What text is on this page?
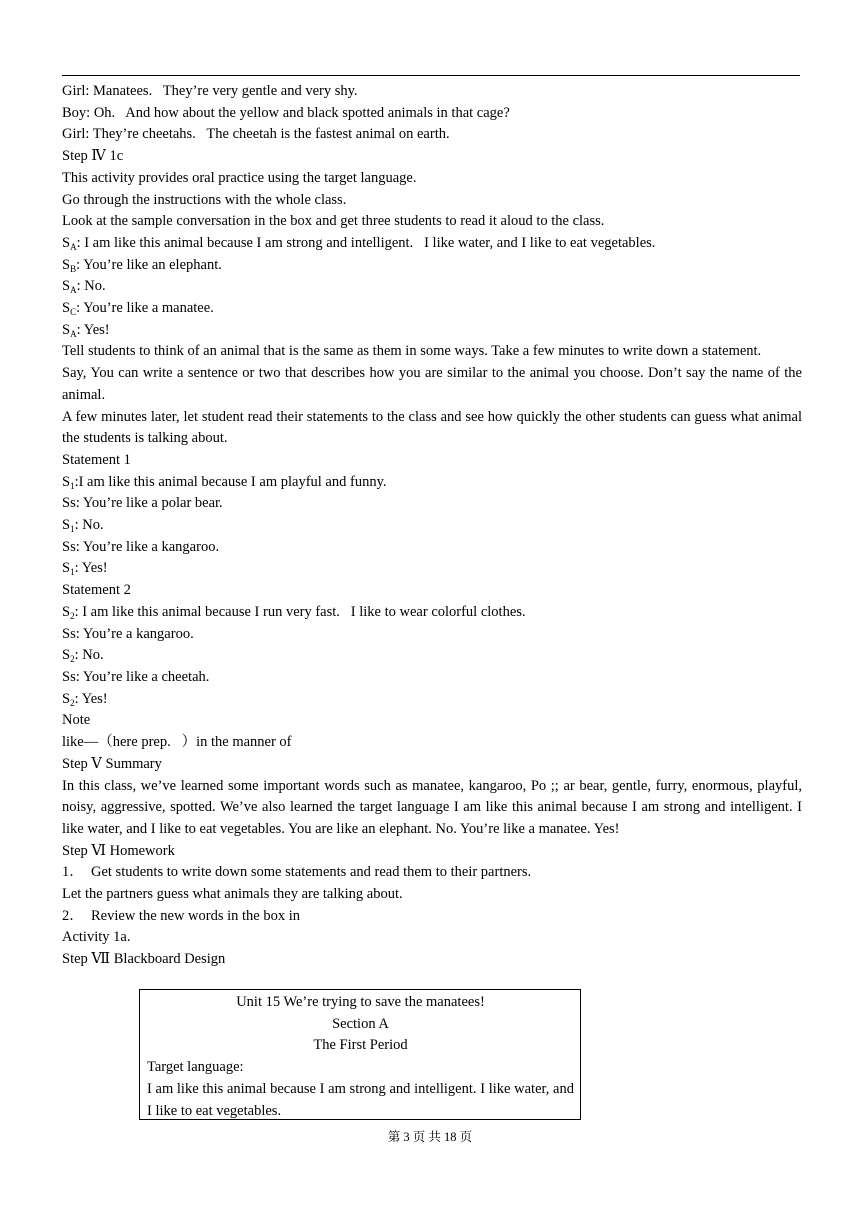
Girl: Manatees.   They’re very gentle and very shy.
Boy: Oh.   And how about the yellow and black spotted animals in that cage?
Girl: They’re cheetahs.   The cheetah is the fastest animal on earth.
Step Ⅳ 1c
This activity provides oral practice using the target language.
Go through the instructions with the whole class.
Look at the sample conversation in the box and get three students to read it aloud to the class.
$S_A$: I am like this animal because I am strong and intelligent.   I like water, and I like to eat vegetables.
$S_B$: You’re like an elephant.
$S_A$: No.
$S_C$: You’re like a manatee.
$S_A$: Yes!
Tell students to think of an animal that is the same as them in some ways. Take a few minutes to write down a statement.
Say, You can write a sentence or two that describes how you are similar to the animal you choose. Don’t say the name of the animal.
A few minutes later, let student read their statements to the class and see how quickly the other students can guess what animal the students is talking about.
Statement 1
$S_1:I$ am like this animal because I am playful and funny.
Ss: You’re like a polar bear.
$S_1$: No.
Ss: You’re like a kangaroo.
$S_1$: Yes!
Statement 2
$S_2$: I am like this animal because I run very fast.   I like to wear colorful clothes.
Ss: You’re a kangaroo.
$S_2$: No.
Ss: You’re like a cheetah.
$S_2$: Yes!
Note
like—（here prep.   ）in the manner of
Step Ⅴ Summary
In this class, we’ve learned some important words such as manatee, kangaroo, Po ;; ar bear, gentle, furry, enormous, playful, noisy, aggressive, spotted. We’ve also learned the target language I am like this animal because I am strong and intelligent. I like water, and I like to eat vegetables. You are like an elephant. No. You’re like a manatee. Yes!
Step Ⅵ Homework
1．  Get students to write down some statements and read them to their partners.
Let the partners guess what animals they are talking about.
2．  Review the new words in the box in
Activity 1a.
Step Ⅶ Blackboard Design
Unit 15 We’re trying to save the manatees!
Section A
The First Period
Target language:
I am like this animal because I am strong and intelligent. I like water, and I like to eat vegetables.
第 3 页 共 18 页
